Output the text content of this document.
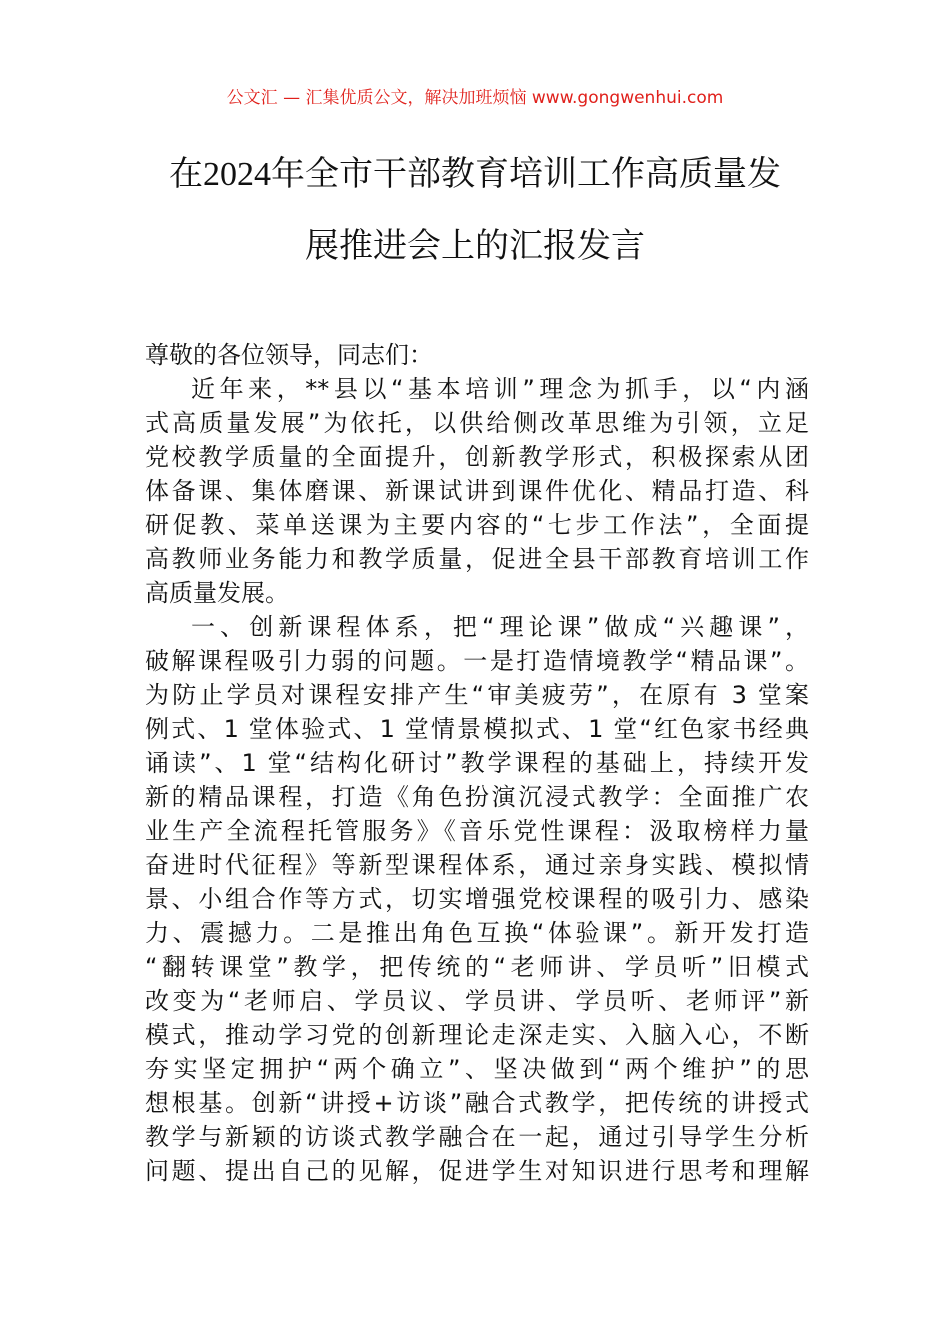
公文汇 — 汇集优质公文，解决加班烦恼 www.gongwenhui.com
在2024年全市干部教育培训工作高质量发
展推进会上的汇报发言
尊敬的各位领导，同志们：
近年来，**县以“基本培训”理念为抓手，以“内涵
式高质量发展”为依托，以供给侧改革思维为引领，立足
党校教学质量的全面提升，创新教学形式，积极探索从团
体备课、集体磨课、新课试讲到课件优化、精品打造、科
研促教、菜单送课为主要内容的“七步工作法”，全面提
高教师业务能力和教学质量，促进全县干部教育培训工作
高质量发展。
一、创新课程体系，把“理论课”做成“兴趣课”，
破解课程吸引力弱的问题。一是打造情境教学“精品课”。
为防止学员对课程安排产生“审美疲劳”，在原有 3 堂案
例式、1 堂体验式、1 堂情景模拟式、1 堂“红色家书经典
诵读”、1 堂“结构化研讨”教学课程的基础上，持续开发
新的精品课程，打造《角色扮演沉浸式教学：全面推广农
业生产全流程托管服务》《音乐党性课程：汲取榜样力量
奋进时代征程》等新型课程体系，通过亲身实践、模拟情
景、小组合作等方式，切实增强党校课程的吸引力、感染
力、震撼力。二是推出角色互换“体验课”。新开发打造
“翻转课堂”教学，把传统的“老师讲、学员听”旧模式
改变为“老师启、学员议、学员讲、学员听、老师评”新
模式，推动学习党的创新理论走深走实、入脑入心，不断
夯实坚定拥护“两个确立”、坚决做到“两个维护”的思
想根基。创新“讲授+访谈”融合式教学，把传统的讲授式
教学与新颖的访谈式教学融合在一起，通过引导学生分析
问题、提出自己的见解，促进学生对知识进行思考和理解
